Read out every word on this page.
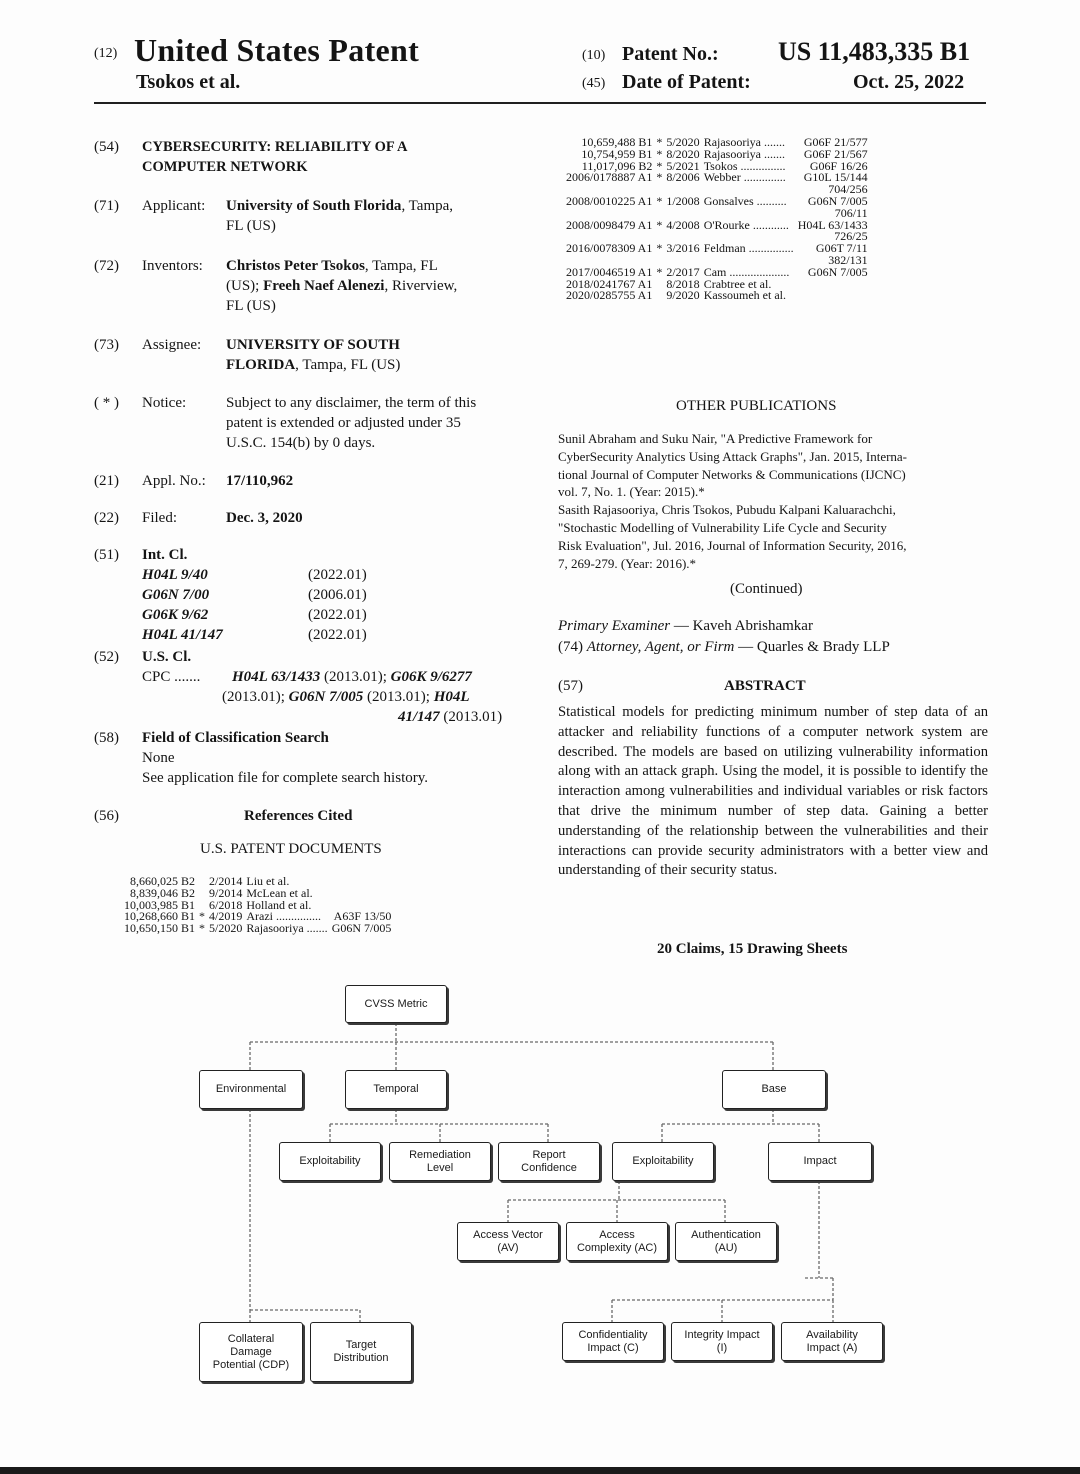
(12) United States Patent
Tsokos et al.
(10) Patent No.: US 11,483,335 B1
(45) Date of Patent:	Oct. 25, 2022
(54) CYBERSECURITY: RELIABILITY OF A
COMPUTER NETWORK
(71) Applicant: University of South Florida, Tampa,
FL (US)
(72) Inventors: Christos Peter Tsokos, Tampa, FL
(US); Freeh Naef Alenezi, Riverview,
FL (US)
(73) Assignee: UNIVERSITY OF SOUTH
FLORIDA, Tampa, FL (US)
( * ) Notice:	Subject to any disclaimer, the term of this
patent is extended or adjusted under 35
U.S.C. 154(b) by 0 days.
(21) Appl. No.: 17/110,962
(22) Filed:	Dec. 3, 2020
(51) Int. Cl.
H04L 9/40	(2022.01)
G06N 7/00	(2006.01)
G06K 9/62	(2022.01)
H04L 41/147	(2022.01)
(52) U.S. Cl.
CPC ....... H04L 63/1433 (2013.01); G06K 9/6277
(2013.01); G06N 7/005 (2013.01); H04L
41/147 (2013.01)
(58) Field of Classification Search
None
See application file for complete search history.
(56)	References Cited
U.S. PATENT DOCUMENTS
8,660,025 B2		2/2014	Liu et al.	
8,839,046 B2		9/2014	McLean et al.	
10,003,985 B1		6/2018	Holland et al.	
10,268,660 B1	*	4/2019	Arazi ...............	A63F 13/50
10,650,150 B1	*	5/2020	Rajasooriya .......	G06N 7/005
10,659,488 B1	*	5/2020	Rajasooriya .......	G06F 21/577
10,754,959 B1	*	8/2020	Rajasooriya .......	G06F 21/567
11,017,096 B2	*	5/2021	Tsokos ...............	G06F 16/26
2006/0178887 A1	*	8/2006	Webber ..............	G10L 15/144
				704/256
2008/0010225 A1	*	1/2008	Gonsalves ..........	G06N 7/005
				706/11
2008/0098479 A1	*	4/2008	O'Rourke ............	H04L 63/1433
				726/25
2016/0078309 A1	*	3/2016	Feldman ...............	G06T 7/11
				382/131
2017/0046519 A1	*	2/2017	Cam ....................	G06N 7/005
2018/0241767 A1		8/2018	Crabtree et al.	
2020/0285755 A1		9/2020	Kassoumeh et al.	
OTHER PUBLICATIONS
Sunil Abraham and Suku Nair, "A Predictive Framework for
CyberSecurity Analytics Using Attack Graphs", Jan. 2015, Interna-
tional Journal of Computer Networks & Communications (IJCNC)
vol. 7, No. 1. (Year: 2015).*
Sasith Rajasooriya, Chris Tsokos, Pubudu Kalpani Kaluarachchi,
"Stochastic Modelling of Vulnerability Life Cycle and Security
Risk Evaluation", Jul. 2016, Journal of Information Security, 2016,
7, 269-279. (Year: 2016).*
(Continued)
Primary Examiner — Kaveh Abrishamkar
(74) Attorney, Agent, or Firm — Quarles & Brady LLP
(57)	ABSTRACT
Statistical models for predicting minimum number of step data of an attacker and reliability functions of a computer network system are described. The models are based on utilizing vulnerability information along with an attack graph. Using the model, it is possible to identify the interaction among vulnerabilities and individual variables or risk factors that drive the minimum number of step data. Gaining a better understanding of the relationship between the vulnerabilities and their interactions can provide security administrators with a better view and understanding of their security status.
20 Claims, 15 Drawing Sheets
CVSS Metric
Environmental	Temporal	Base
Exploitability
Remediation
Level
Report
Confidence
Exploitability	Impact
Access Vector
(AV)
Access
Complexity (AC)
Authentication
(AU)
Collateral
Damage
Potential (CDP)
Target
Distribution
Confidentiality
Impact (C)
Integrity Impact
(I)
Availability
Impact (A)
